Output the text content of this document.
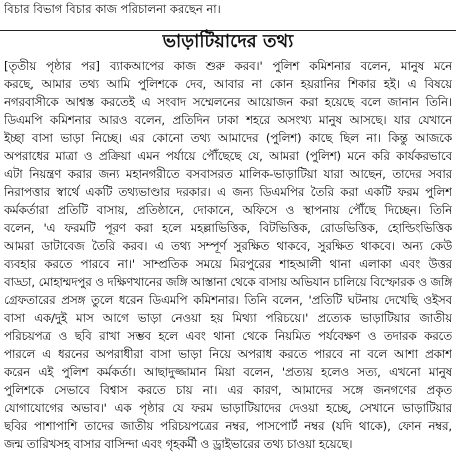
বিচার বিভাগ বিচার কাজ পরিচালনা করছেন না।
ভাড়াটিয়াদের তথ্য
[তৃতীয় পৃষ্ঠার পর] ব্যাকআপের কাজ শুরু করব।' পুলিশ কমিশনার বলেন, মানুষ মনে
করছে, আমার তথ্য আমি পুলিশকে দেব, আবার না কোন হয়রানির শিকার হই। এ বিষয়ে
নগরবাসীকে আশ্বস্ত করতেই এ সংবাদ সম্মেলনের আয়োজন করা হয়েছে বলে জানান তিনি।
ডিএমপি কমিশনার আরও বলেন, প্রতিদিন ঢাকা শহরে অসংখ্য মানুষ আসছে। যার যেখানে
ইচ্ছা বাসা ভাড়া নিচ্ছে। এর কোনো তথ্য আমাদের (পুলিশ) কাছে ছিল না। কিন্তু আজকে
অপরাধের মাত্রা ও প্রক্রিয়া এমন পর্যায়ে পৌঁছেছে যে, আমরা (পুলিশ) মনে করি কার্যকরভাবে
এটা নিয়ন্ত্রণ করার জন্য মহানগরীতে বসবাসরত মালিক-ভাড়াটিয়া যারা আছেন, তাদের সবার
নিরাপত্তার স্বার্থে একটি তথ্যভাণ্ডার দরকার। এ জন্য ডিএমপির তৈরি করা একটি ফরম পুলিশ
কর্মকর্তারা প্রতিটি বাসায়, প্রতিষ্ঠানে, দোকানে, অফিসে ও স্থাপনায় পৌঁছে দিচ্ছেন। তিনি
বলেন, 'এ ফরমটি পূরণ করা হলে মহল্লাভিত্তিক, বিটভিত্তিক, রোডভিত্তিক, হোল্ডিংভিত্তিক
আমরা ডাটাবেজ তৈরি করব। এ তথ্য সম্পূর্ণ সুরক্ষিত থাকবে, সুরক্ষিত থাকবে। অন্য কেউ
ব্যবহার করতে পারবে না।' সাম্প্রতিক সময়ে মিরপুরের শাহআলী থানা এলাকা এবং উত্তর
বাড্ডা, মোহাম্মদপুর ও দক্ষিণখানের জঙ্গি আস্তানা থেকে বাসায় অভিযান চালিয়ে বিস্ফোরক ও জঙ্গি
গ্রেফতারের প্রসঙ্গ তুলে ধরেন ডিএমপি কমিশনার। তিনি বলেন, 'প্রতিটি ঘটনায় দেখেছি ওইসব
বাসা এক/দুই মাস আগে ভাড়া নেওয়া হয় মিথ্যা পরিচয়ে।' প্রত্যেক ভাড়াটিয়ার জাতীয়
পরিচয়পত্র ও ছবি রাখা সম্ভব হলে এবং থানা থেকে নিয়মিত পর্যবেক্ষণ ও তদারক করতে
পারলে এ ধরনের অপরাধীরা বাসা ভাড়া নিয়ে অপরাধ করতে পারবে না বলে আশা প্রকাশ
করেন এই পুলিশ কর্মকর্তা। আছাদুজ্জামান মিয়া বলেন, 'প্রত্যয় হলেও সত্য, এখনো মানুষ
পুলিশকে সেভাবে বিশ্বাস করতে চায় না। এর কারণ, আমাদের সঙ্গে জনগণের প্রকৃত
যোগাযোগের অভাব।' এক পৃষ্ঠার যে ফরম ভাড়াটিয়াদের দেওয়া হচ্ছে, সেখানে ভাড়াটিয়ার
ছবির পাশাপাশি তাদের জাতীয় পরিচয়পত্রের নম্বর, পাসপোর্ট নম্বর (যদি থাকে), ফোন নম্বর,
জন্ম তারিখসহ বাসার বাসিন্দা এবং গৃহকর্মী ও ড্রাইভারের তথ্য চাওয়া হয়েছে।
